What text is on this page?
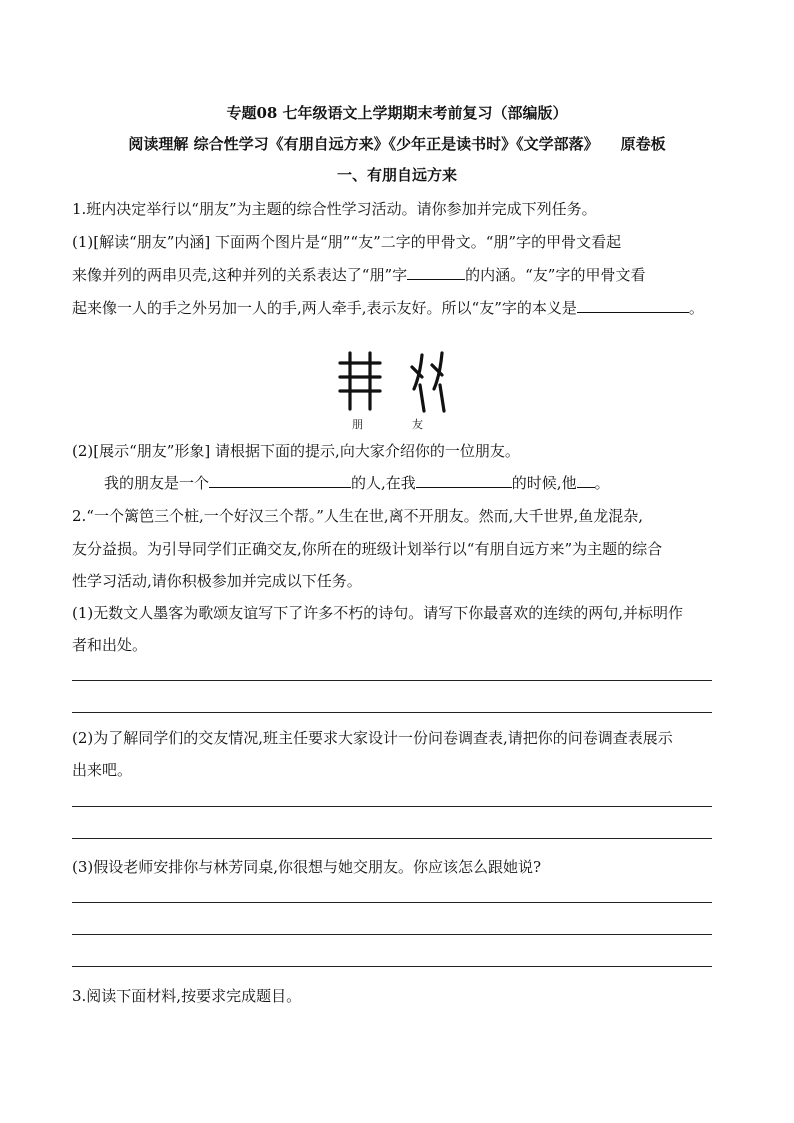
专题08 七年级语文上学期期末考前复习（部编版）
阅读理解 综合性学习《有朋自远方来》《少年正是读书时》《文学部落》 原卷板
一、有朋自远方来
1.班内决定举行以“朋友”为主题的综合性学习活动。请你参加并完成下列任务。
(1)[解读“朋友”内涵] 下面两个图片是“朋”“友”二字的甲骨文。“朋”字的甲骨文看起
来像并列的两串贝壳,这种并列的关系表达了“朋”字	的内涵。“友”字的甲骨文看
起来像一人的手之外另加一人的手,两人牵手,表示友好。所以“友”字的本义是	。
朋	友
(2)[展示“朋友”形象] 请根据下面的提示,向大家介绍你的一位朋友。
我的朋友是一个	的人,在我	的时候,他 。
2.“一个篱笆三个桩,一个好汉三个帮。”人生在世,离不开朋友。然而,大千世界,鱼龙混杂,
友分益损。为引导同学们正确交友,你所在的班级计划举行以“有朋自远方来”为主题的综合
性学习活动,请你积极参加并完成以下任务。
(1)无数文人墨客为歌颂友谊写下了许多不朽的诗句。请写下你最喜欢的连续的两句,并标明作
者和出处。
(2)为了解同学们的交友情况,班主任要求大家设计一份问卷调查表,请把你的问卷调查表展示
出来吧。
(3)假设老师安排你与林芳同桌,你很想与她交朋友。你应该怎么跟她说?
3.阅读下面材料,按要求完成题目。
